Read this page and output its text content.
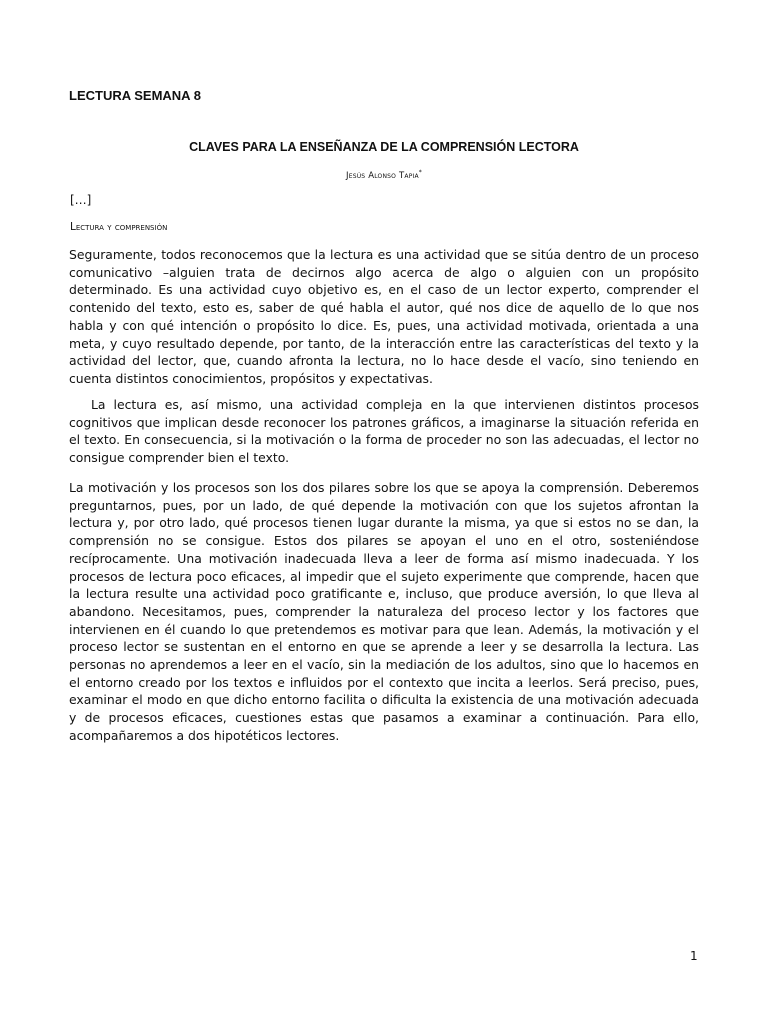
LECTURA SEMANA 8
CLAVES PARA LA ENSEÑANZA DE LA COMPRENSIÓN LECTORA
Jesús Alonso Tapia*
[…]
Lectura y comprensión

Seguramente, todos reconocemos que la lectura es una actividad que se sitúa dentro de un proceso comunicativo –alguien trata de decirnos algo acerca de algo o alguien con un propósito determinado. Es una actividad cuyo objetivo es, en el caso de un lector experto, comprender el contenido del texto, esto es, saber de qué habla el autor, qué nos dice de aquello de lo que nos habla y con qué intención o propósito lo dice. Es, pues, una actividad motivada, orientada a una meta, y cuyo resultado depende, por tanto, de la interacción entre las características del texto y la actividad del lector, que, cuando afronta la lectura, no lo hace desde el vacío, sino teniendo en cuenta distintos conocimientos, propósitos y expectativas.

La lectura es, así mismo, una actividad compleja en la que intervienen distintos procesos cognitivos que implican desde reconocer los patrones gráficos, a imaginarse la situación referida en el texto. En consecuencia, si la motivación o la forma de proceder no son las adecuadas, el lector no consigue comprender bien el texto.

La motivación y los procesos son los dos pilares sobre los que se apoya la comprensión. Deberemos preguntarnos, pues, por un lado, de qué depende la motivación con que los sujetos afrontan la lectura y, por otro lado, qué procesos tienen lugar durante la misma, ya que si estos no se dan, la comprensión no se consigue. Estos dos pilares se apoyan el uno en el otro, sosteniéndose recíprocamente. Una motivación inadecuada lleva a leer de forma así mismo inadecuada. Y los procesos de lectura poco eficaces, al impedir que el sujeto experimente que comprende, hacen que la lectura resulte una actividad poco gratificante e, incluso, que produce aversión, lo que lleva al abandono. Necesitamos, pues, comprender la naturaleza del proceso lector y los factores que intervienen en él cuando lo que pretendemos es motivar para que lean. Además, la motivación y el proceso lector se sustentan en el entorno en que se aprende a leer y se desarrolla la lectura. Las personas no aprendemos a leer en el vacío, sin la mediación de los adultos, sino que lo hacemos en el entorno creado por los textos e influidos por el contexto que incita a leerlos. Será preciso, pues, examinar el modo en que dicho entorno facilita o dificulta la existencia de una motivación adecuada y de procesos eficaces, cuestiones estas que pasamos a examinar a continuación. Para ello, acompañaremos a dos hipotéticos lectores.

1
